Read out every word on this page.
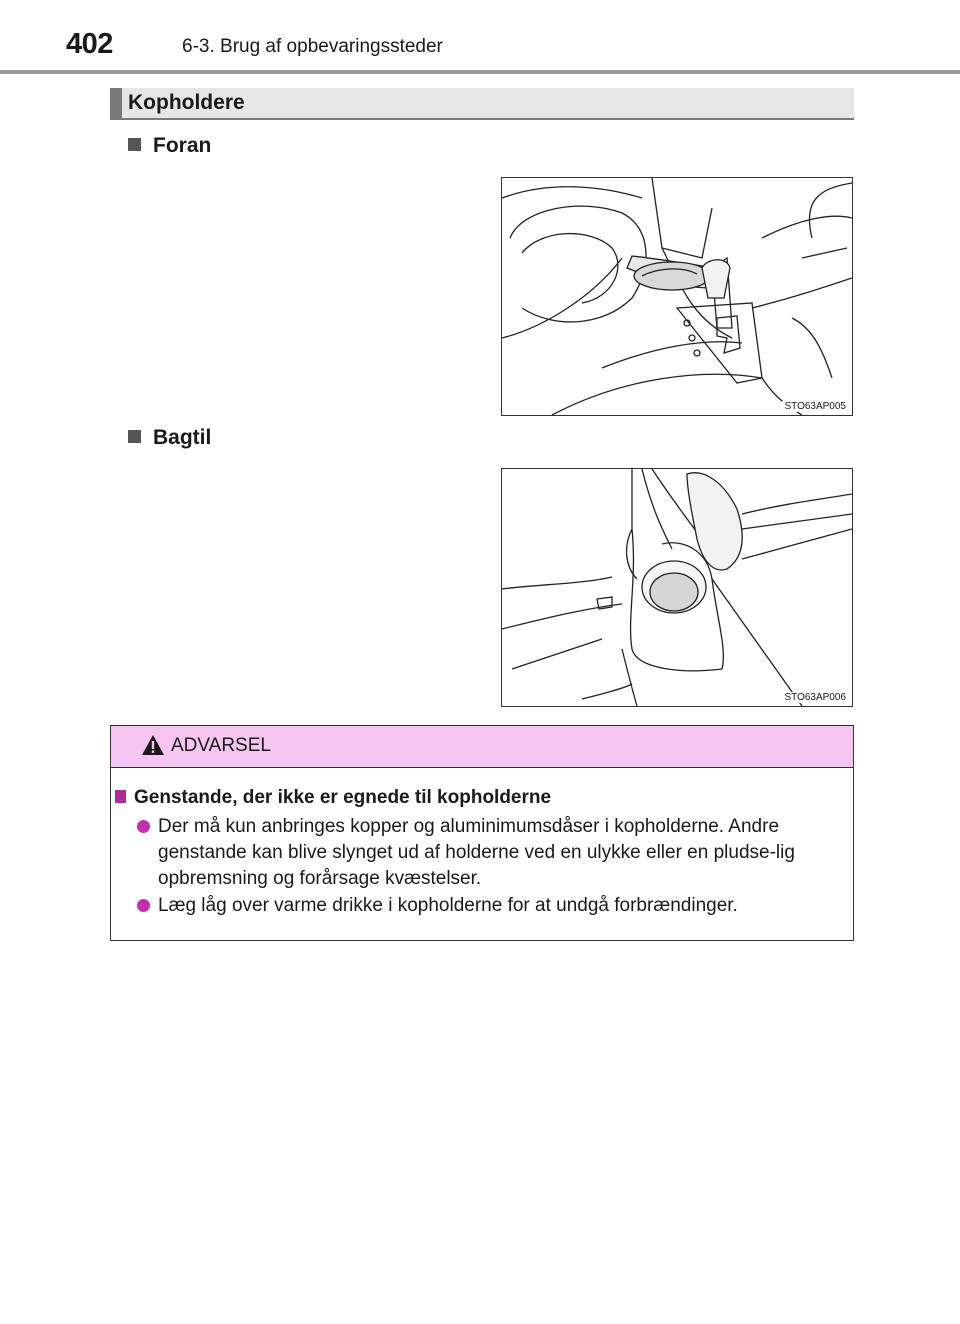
402	6-3. Brug af opbevaringssteder
Kopholdere
Foran
STO63AP005
Bagtil
STO63AP006
ADVARSEL
Genstande, der ikke er egnede til kopholderne
Der må kun anbringes kopper og aluminimumsdåser i kopholderne. Andre genstande kan blive slynget ud af holderne ved en ulykke eller en pludse-lig opbremsning og forårsage kvæstelser.
Læg låg over varme drikke i kopholderne for at undgå forbrændinger.
